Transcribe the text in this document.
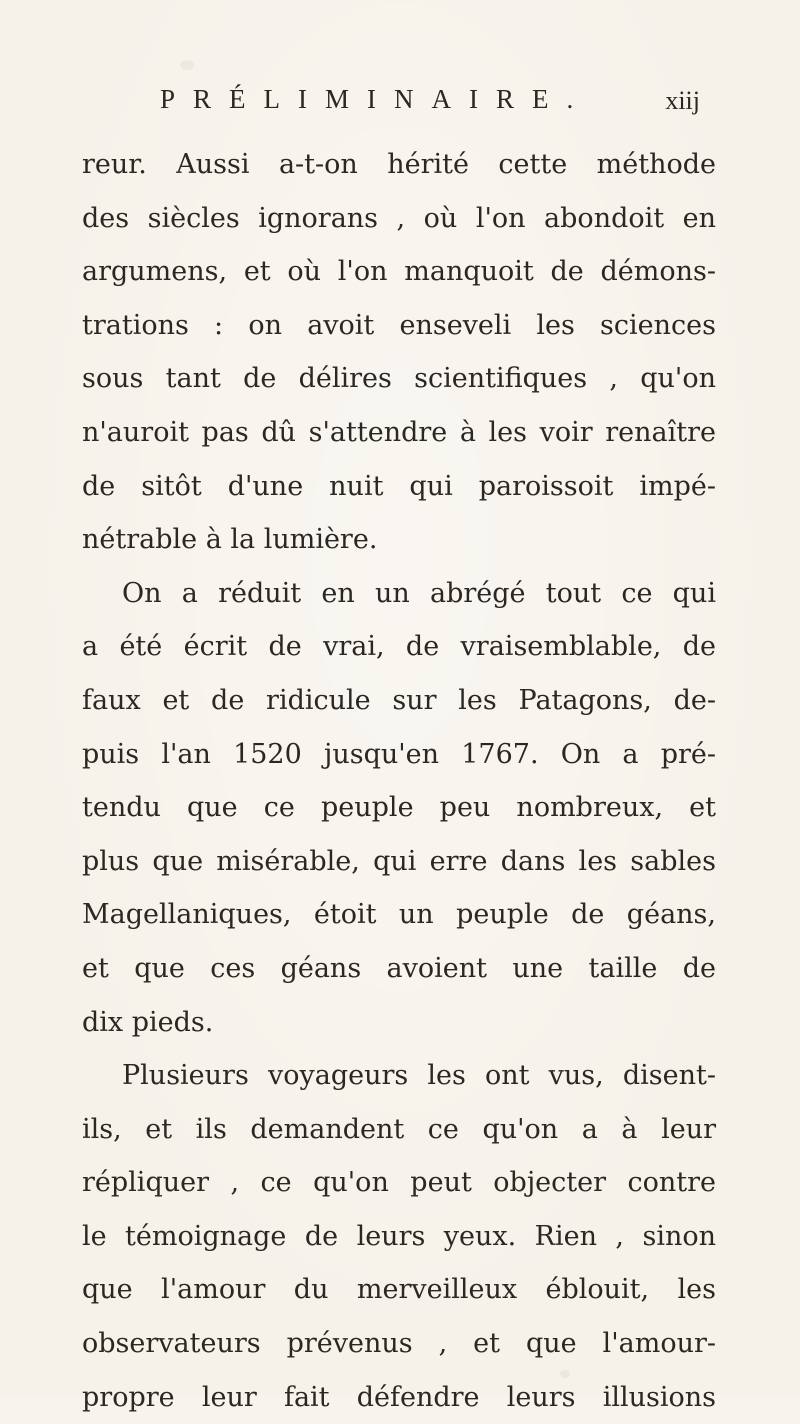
PRÉLIMINAIRE.	xiij
reur. Aussi a-t-on hérité cette méthode
des siècles ignorans , où l'on abondoit en
argumens, et où l'on manquoit de démons-
trations : on avoit enseveli les sciences
sous tant de délires scientifiques , qu'on
n'auroit pas dû s'attendre à les voir renaître
de sitôt d'une nuit qui paroissoit impé-
nétrable à la lumière.
On a réduit en un abrégé tout ce qui
a été écrit de vrai, de vraisemblable, de
faux et de ridicule sur les Patagons, de-
puis l'an 1520 jusqu'en 1767. On a pré-
tendu que ce peuple peu nombreux, et
plus que misérable, qui erre dans les sables
Magellaniques, étoit un peuple de géans,
et que ces géans avoient une taille de
dix pieds.
Plusieurs voyageurs les ont vus, disent-
ils, et ils demandent ce qu'on a à leur
répliquer , ce qu'on peut objecter contre
le témoignage de leurs yeux. Rien , sinon
que l'amour du merveilleux éblouit, les
observateurs prévenus , et que l'amour-
propre leur fait défendre leurs illusions
